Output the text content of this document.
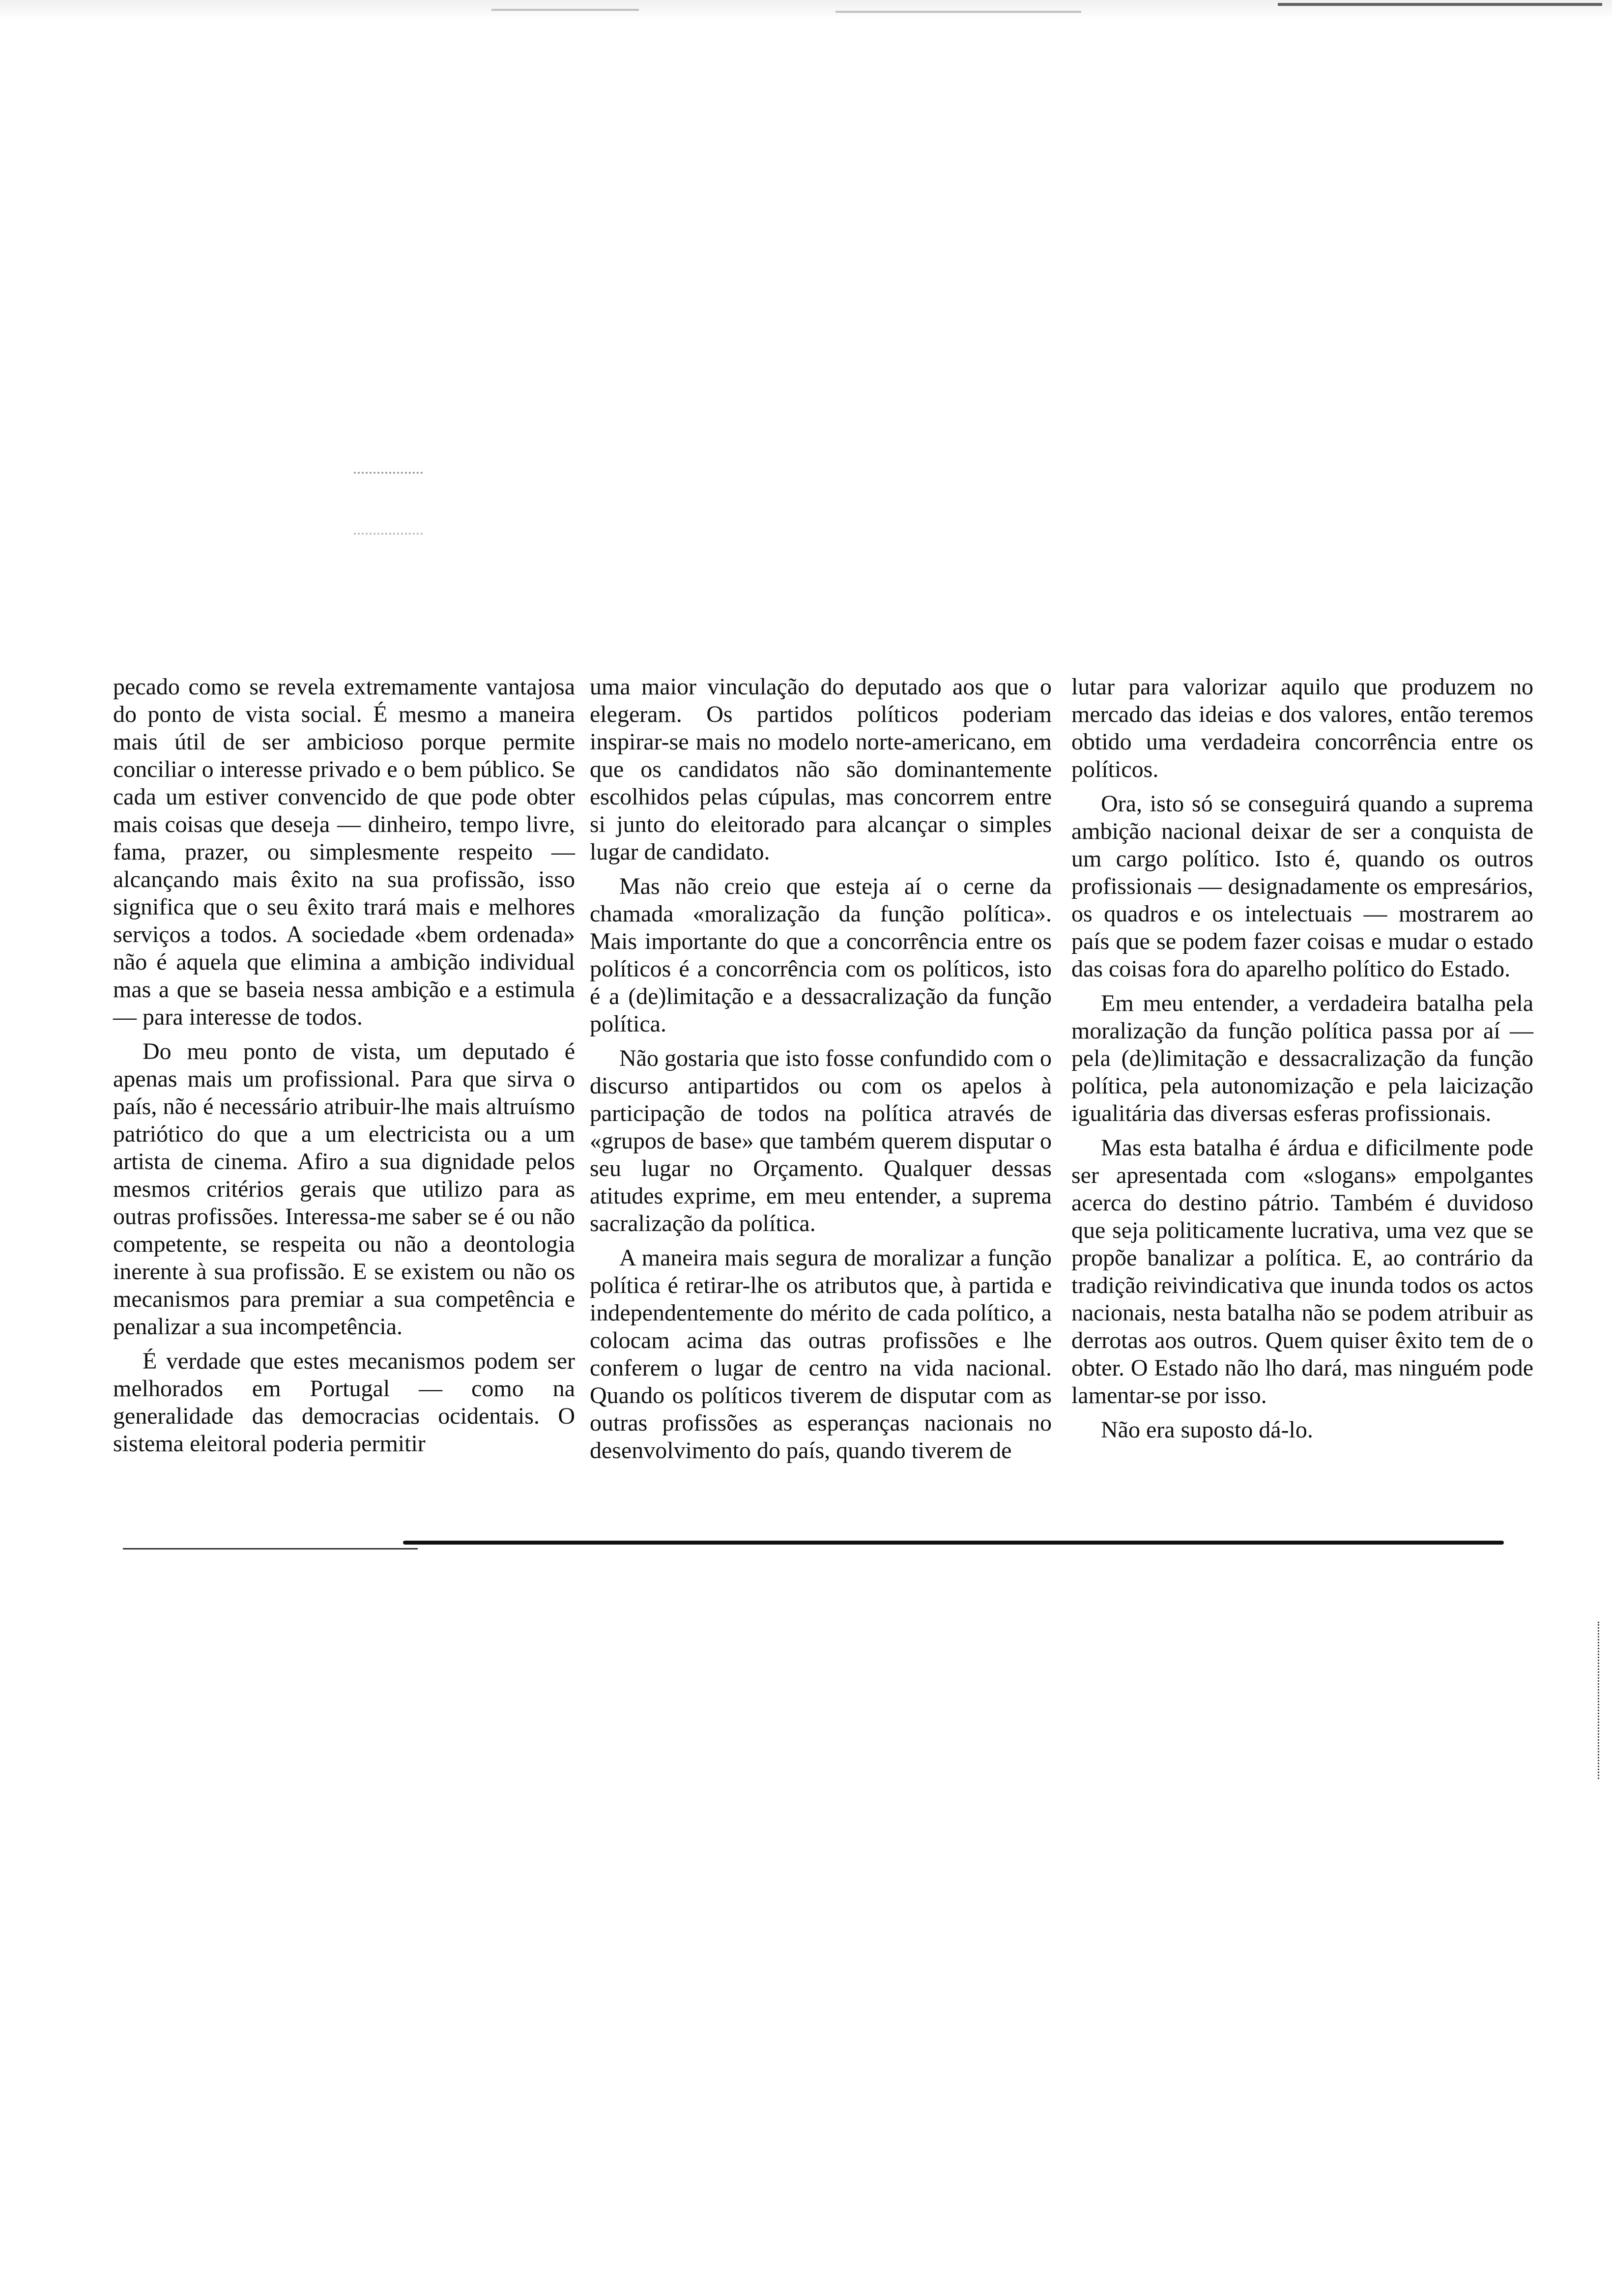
pecado como se revela extremamente vantajosa do ponto de vista social. É mesmo a maneira mais útil de ser ambicioso porque permite conciliar o interesse privado e o bem público. Se cada um estiver convencido de que pode obter mais coisas que deseja — dinheiro, tempo livre, fama, prazer, ou simplesmente respeito — alcançando mais êxito na sua profissão, isso significa que o seu êxito trará mais e melhores serviços a todos. A sociedade «bem ordenada» não é aquela que elimina a ambição individual mas a que se baseia nessa ambição e a estimula — para interesse de todos.

Do meu ponto de vista, um deputado é apenas mais um profissional. Para que sirva o país, não é necessário atribuir-lhe mais altruísmo patriótico do que a um electricista ou a um artista de cinema. Afiro a sua dignidade pelos mesmos critérios gerais que utilizo para as outras profissões. Interessa-me saber se é ou não competente, se respeita ou não a deontologia inerente à sua profissão. E se existem ou não os mecanismos para premiar a sua competência e penalizar a sua incompetência.

É verdade que estes mecanismos podem ser melhorados em Portugal — como na generalidade das democracias ocidentais. O sistema eleitoral poderia permitir

uma maior vinculação do deputado aos que o elegeram. Os partidos políticos poderiam inspirar-se mais no modelo norte-americano, em que os candidatos não são dominantemente escolhidos pelas cúpulas, mas concorrem entre si junto do eleitorado para alcançar o simples lugar de candidato.

Mas não creio que esteja aí o cerne da chamada «moralização da função política». Mais importante do que a concorrência entre os políticos é a concorrência com os políticos, isto é a (de)limitação e a dessacralização da função política.

Não gostaria que isto fosse confundido com o discurso antipartidos ou com os apelos à participação de todos na política através de «grupos de base» que também querem disputar o seu lugar no Orçamento. Qualquer dessas atitudes exprime, em meu entender, a suprema sacralização da política.

A maneira mais segura de moralizar a função política é retirar-lhe os atributos que, à partida e independentemente do mérito de cada político, a colocam acima das outras profissões e lhe conferem o lugar de centro na vida nacional. Quando os políticos tiverem de disputar com as outras profissões as esperanças nacionais no desenvolvimento do país, quando tiverem de

lutar para valorizar aquilo que produzem no mercado das ideias e dos valores, então teremos obtido uma verdadeira concorrência entre os políticos.

Ora, isto só se conseguirá quando a suprema ambição nacional deixar de ser a conquista de um cargo político. Isto é, quando os outros profissionais — designadamente os empresários, os quadros e os intelectuais — mostrarem ao país que se podem fazer coisas e mudar o estado das coisas fora do aparelho político do Estado.

Em meu entender, a verdadeira batalha pela moralização da função política passa por aí — pela (de)limitação e dessacralização da função política, pela autonomização e pela laicização igualitária das diversas esferas profissionais.

Mas esta batalha é árdua e dificilmente pode ser apresentada com «slogans» empolgantes acerca do destino pátrio. Também é duvidoso que seja politicamente lucrativa, uma vez que se propõe banalizar a política. E, ao contrário da tradição reivindicativa que inunda todos os actos nacionais, nesta batalha não se podem atribuir as derrotas aos outros. Quem quiser êxito tem de o obter. O Estado não lho dará, mas ninguém pode lamentar-se por isso.

Não era suposto dá-lo.
